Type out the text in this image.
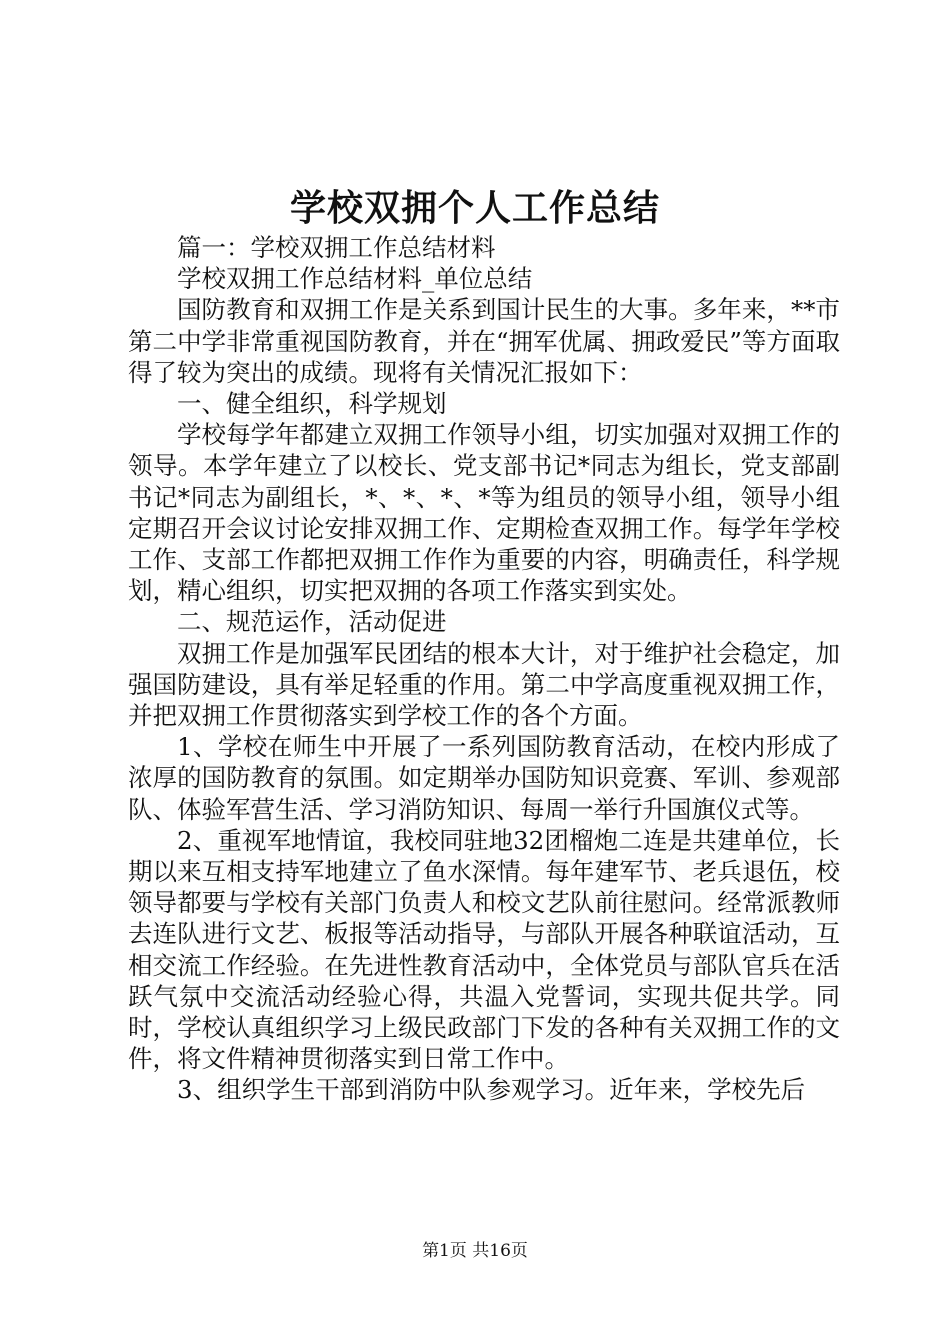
学校双拥个人工作总结

篇一：学校双拥工作总结材料

学校双拥工作总结材料_单位总结

国防教育和双拥工作是关系到国计民生的大事。多年来，**市第二中学非常重视国防教育，并在“拥军优属、拥政爱民”等方面取得了较为突出的成绩。现将有关情况汇报如下：

一、健全组织，科学规划

学校每学年都建立双拥工作领导小组，切实加强对双拥工作的领导。本学年建立了以校长、党支部书记*同志为组长，党支部副书记*同志为副组长，*、*、*、*等为组员的领导小组，领导小组定期召开会议讨论安排双拥工作、定期检查双拥工作。每学年学校工作、支部工作都把双拥工作作为重要的内容，明确责任，科学规划，精心组织，切实把双拥的各项工作落实到实处。

二、规范运作，活动促进

双拥工作是加强军民团结的根本大计，对于维护社会稳定，加强国防建设，具有举足轻重的作用。第二中学高度重视双拥工作，并把双拥工作贯彻落实到学校工作的各个方面。

1、学校在师生中开展了一系列国防教育活动，在校内形成了浓厚的国防教育的氛围。如定期举办国防知识竞赛、军训、参观部队、体验军营生活、学习消防知识、每周一举行升国旗仪式等。

2、重视军地情谊，我校同驻地32团榴炮二连是共建单位，长期以来互相支持军地建立了鱼水深情。每年建军节、老兵退伍，校领导都要与学校有关部门负责人和校文艺队前往慰问。经常派教师去连队进行文艺、板报等活动指导，与部队开展各种联谊活动，互相交流工作经验。在先进性教育活动中，全体党员与部队官兵在活跃气氛中交流活动经验心得，共温入党誓词，实现共促共学。同时，学校认真组织学习上级民政部门下发的各种有关双拥工作的文件，将文件精神贯彻落实到日常工作中。

3、组织学生干部到消防中队参观学习。近年来，学校先后

第1页 共16页
